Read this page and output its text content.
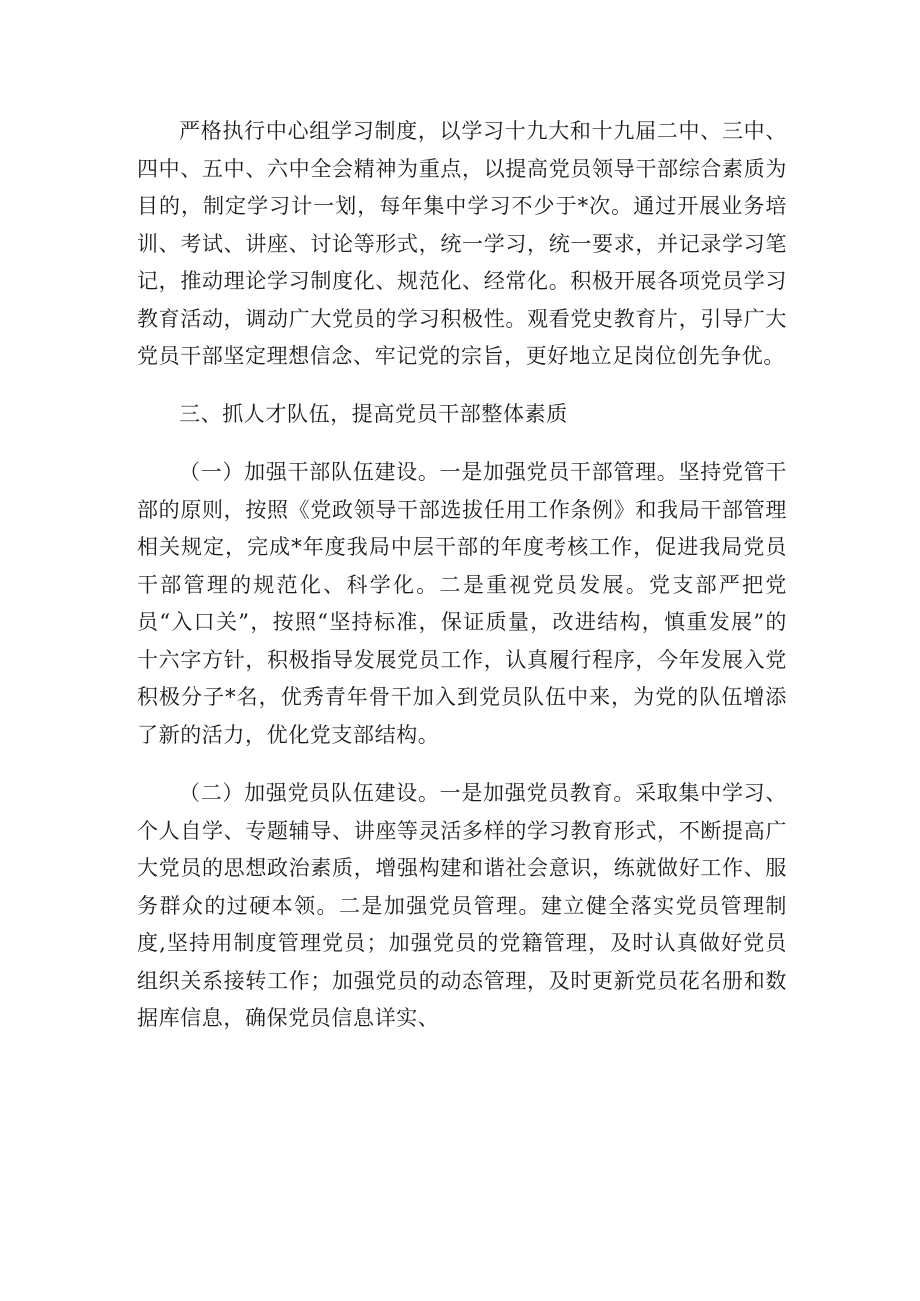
严格执行中心组学习制度，以学习十九大和十九届二中、三中、四中、五中、六中全会精神为重点，以提高党员领导干部综合素质为目的，制定学习计一划，每年集中学习不少于*次。通过开展业务培训、考试、讲座、讨论等形式，统一学习，统一要求，并记录学习笔记，推动理论学习制度化、规范化、经常化。积极开展各项党员学习教育活动，调动广大党员的学习积极性。观看党史教育片，引导广大党员干部坚定理想信念、牢记党的宗旨，更好地立足岗位创先争优。

三、抓人才队伍，提高党员干部整体素质

（一）加强干部队伍建设。一是加强党员干部管理。坚持党管干部的原则，按照《党政领导干部选拔任用工作条例》和我局干部管理相关规定，完成*年度我局中层干部的年度考核工作，促进我局党员干部管理的规范化、科学化。二是重视党员发展。党支部严把党员“入口关”，按照“坚持标准，保证质量，改进结构，慎重发展”的十六字方针，积极指导发展党员工作，认真履行程序，今年发展入党积极分子*名，优秀青年骨干加入到党员队伍中来，为党的队伍增添了新的活力，优化党支部结构。

（二）加强党员队伍建设。一是加强党员教育。采取集中学习、个人自学、专题辅导、讲座等灵活多样的学习教育形式，不断提高广大党员的思想政治素质，增强构建和谐社会意识，练就做好工作、服务群众的过硬本领。二是加强党员管理。建立健全落实党员管理制度,坚持用制度管理党员；加强党员的党籍管理，及时认真做好党员组织关系接转工作；加强党员的动态管理，及时更新党员花名册和数据库信息，确保党员信息详实、
